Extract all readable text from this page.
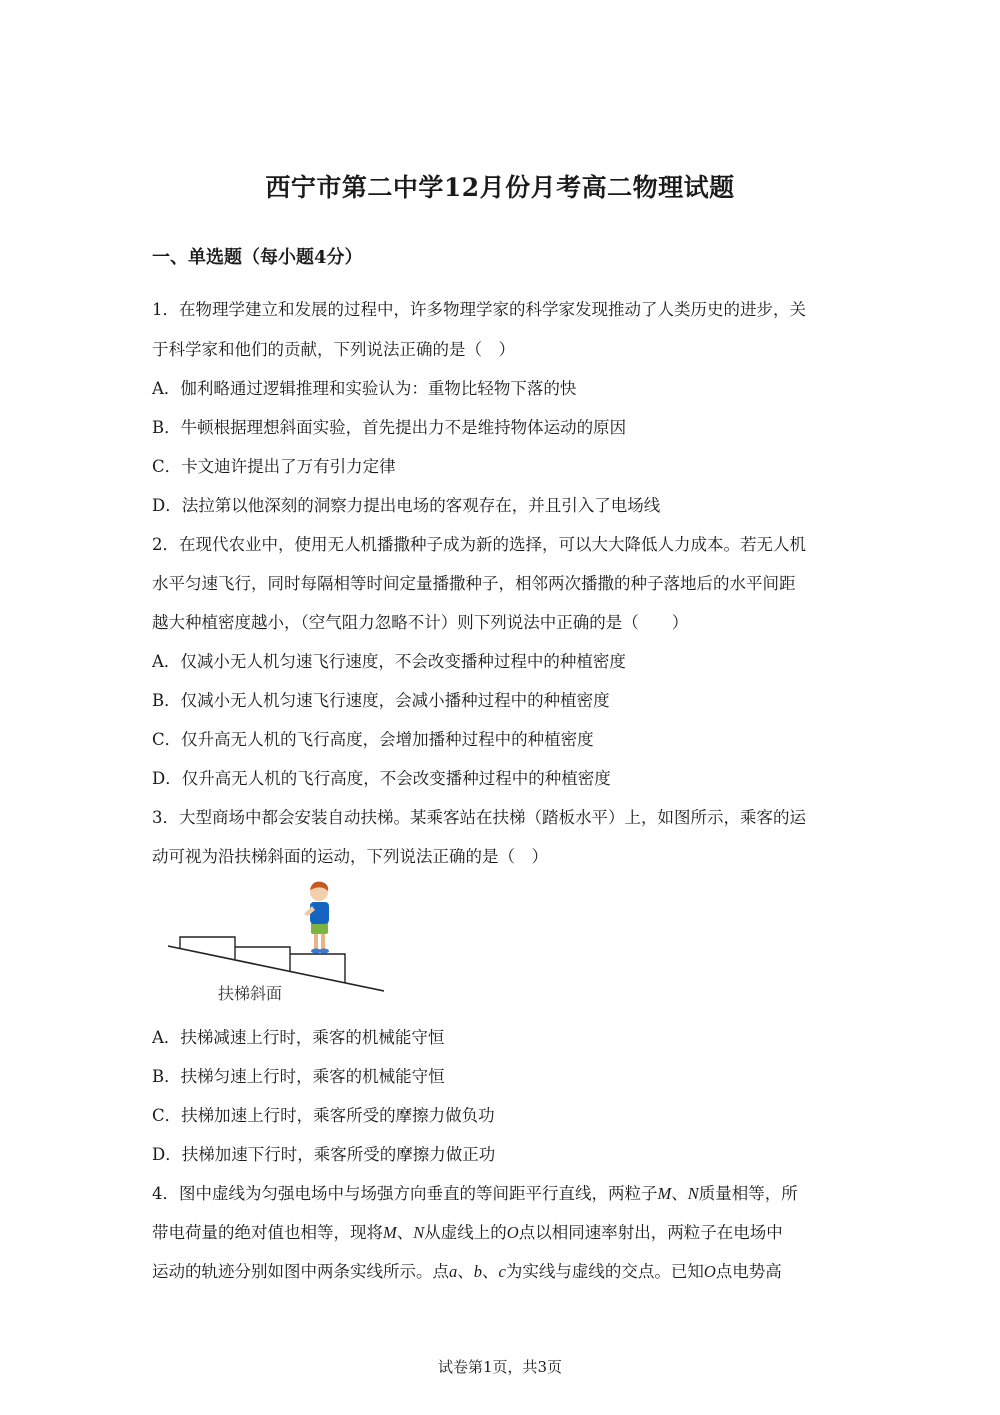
西宁市第二中学12月份月考高二物理试题
一、单选题（每小题4分）
1．在物理学建立和发展的过程中，许多物理学家的科学家发现推动了人类历史的进步，关
于科学家和他们的贡献，下列说法正确的是（　）
A．伽利略通过逻辑推理和实验认为：重物比轻物下落的快
B．牛顿根据理想斜面实验，首先提出力不是维持物体运动的原因
C．卡文迪许提出了万有引力定律
D．法拉第以他深刻的洞察力提出电场的客观存在，并且引入了电场线
2．在现代农业中，使用无人机播撒种子成为新的选择，可以大大降低人力成本。若无人机
水平匀速飞行，同时每隔相等时间定量播撒种子，相邻两次播撒的种子落地后的水平间距
越大种植密度越小，（空气阻力忽略不计）则下列说法中正确的是（　　）
A．仅减小无人机匀速飞行速度，不会改变播种过程中的种植密度
B．仅减小无人机匀速飞行速度，会减小播种过程中的种植密度
C．仅升高无人机的飞行高度，会增加播种过程中的种植密度
D．仅升高无人机的飞行高度，不会改变播种过程中的种植密度
3．大型商场中都会安装自动扶梯。某乘客站在扶梯（踏板水平）上，如图所示，乘客的运
动可视为沿扶梯斜面的运动，下列说法正确的是（　）
扶梯斜面
A．扶梯减速上行时，乘客的机械能守恒
B．扶梯匀速上行时，乘客的机械能守恒
C．扶梯加速上行时，乘客所受的摩擦力做负功
D．扶梯加速下行时，乘客所受的摩擦力做正功
4．图中虚线为匀强电场中与场强方向垂直的等间距平行直线，两粒子M、N质量相等，所
带电荷量的绝对值也相等，现将M、N从虚线上的O点以相同速率射出，两粒子在电场中
运动的轨迹分别如图中两条实线所示。点a、b、c为实线与虚线的交点。已知O点电势高
试卷第1页，共3页
